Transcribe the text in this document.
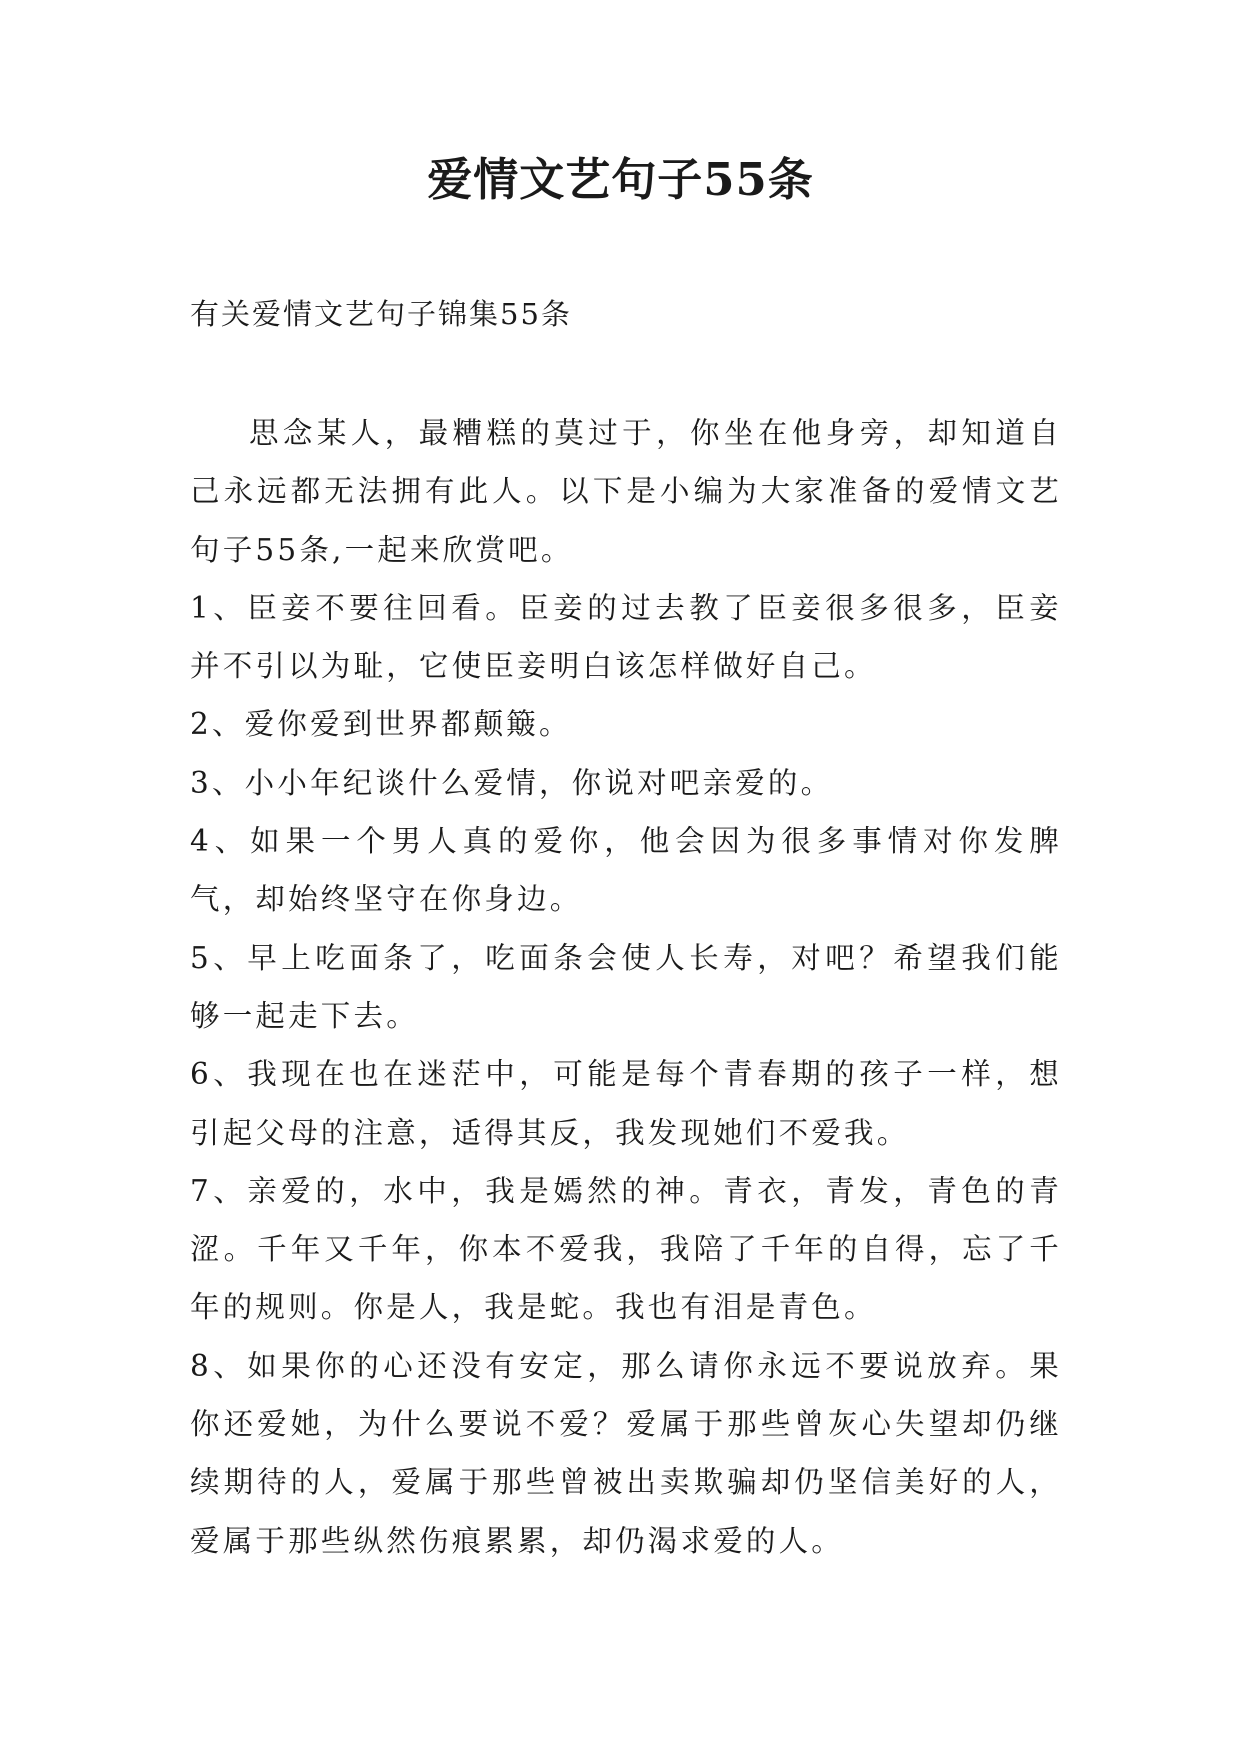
爱情文艺句子55条

有关爱情文艺句子锦集55条

思念某人，最糟糕的莫过于，你坐在他身旁，却知道自己永远都无法拥有此人。以下是小编为大家准备的爱情文艺句子55条,一起来欣赏吧。

1、臣妾不要往回看。臣妾的过去教了臣妾很多很多，臣妾并不引以为耻，它使臣妾明白该怎样做好自己。

2、爱你爱到世界都颠簸。

3、小小年纪谈什么爱情，你说对吧亲爱的。

4、如果一个男人真的爱你，他会因为很多事情对你发脾气，却始终坚守在你身边。

5、早上吃面条了，吃面条会使人长寿，对吧？希望我们能够一起走下去。

6、我现在也在迷茫中，可能是每个青春期的孩子一样，想引起父母的注意，适得其反，我发现她们不爱我。

7、亲爱的，水中，我是嫣然的神。青衣，青发，青色的青涩。千年又千年，你本不爱我，我陪了千年的自得，忘了千年的规则。你是人，我是蛇。我也有泪是青色。

8、如果你的心还没有安定，那么请你永远不要说放弃。果你还爱她，为什么要说不爱？爱属于那些曾灰心失望却仍继续期待的人，爱属于那些曾被出卖欺骗却仍坚信美好的人，爱属于那些纵然伤痕累累，却仍渴求爱的人。
